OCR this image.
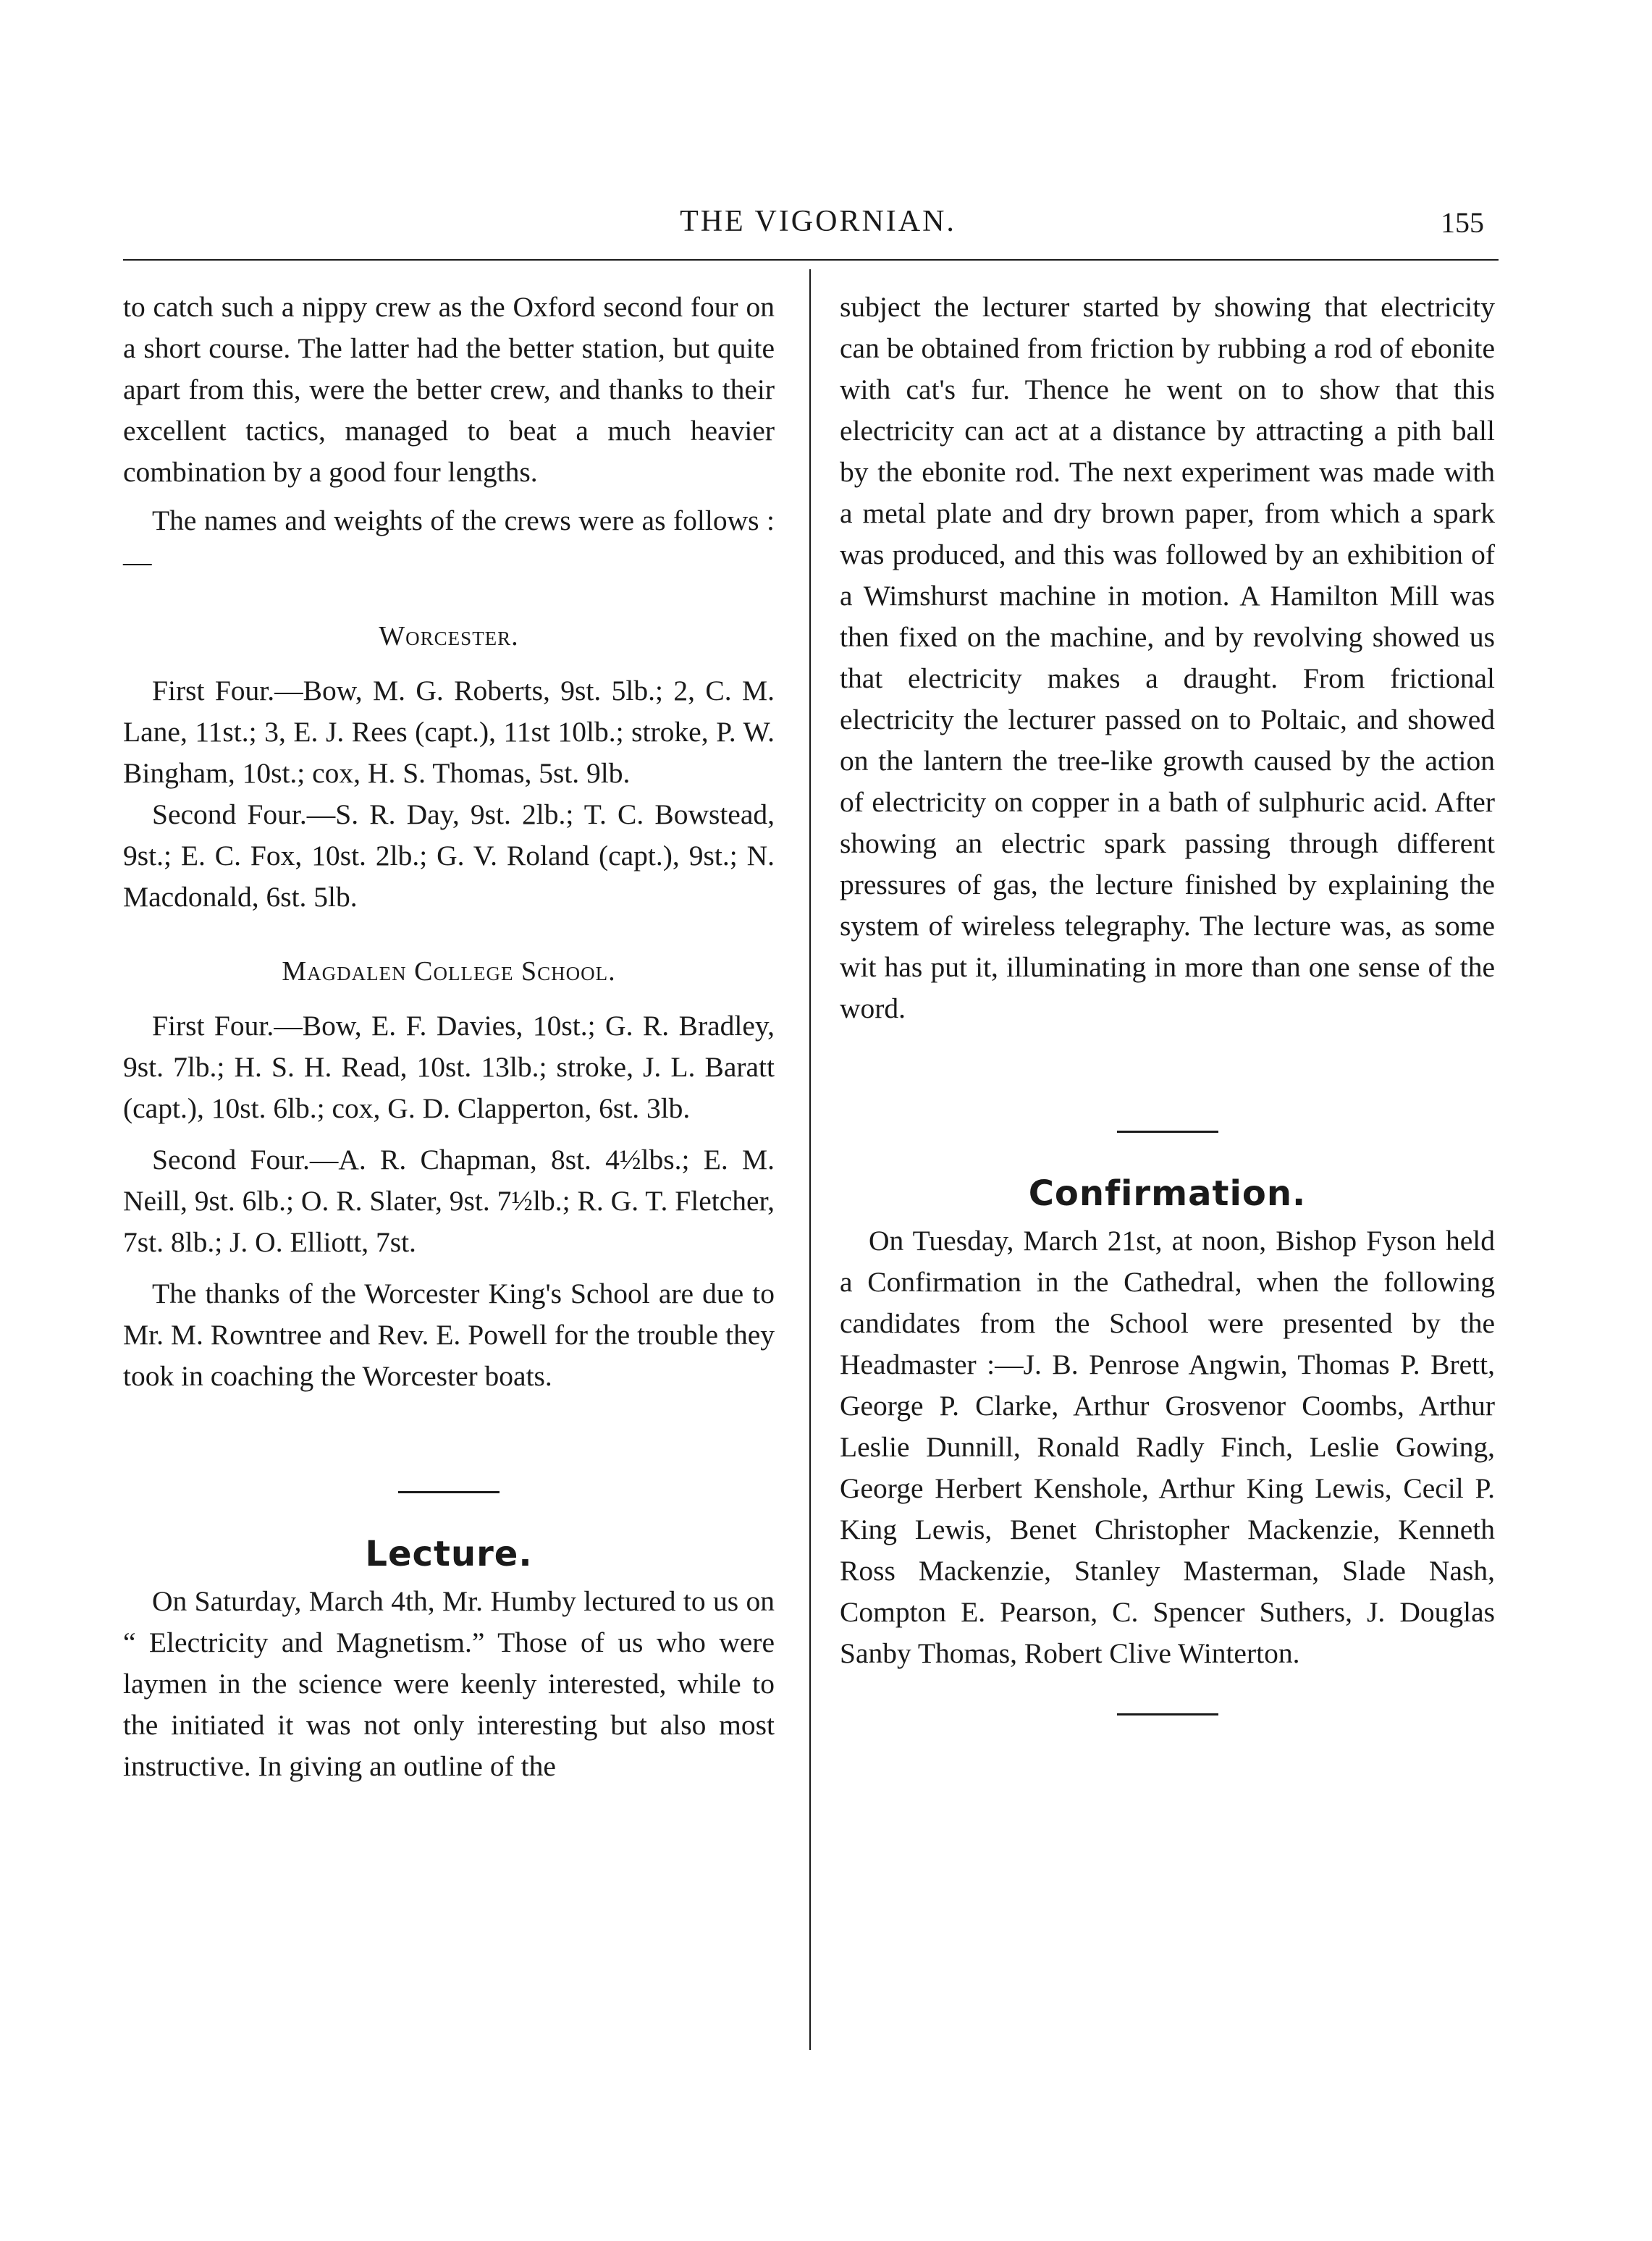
THE VIGORNIAN.	155

to catch such a nippy crew as the Oxford second four on a short course. The latter had the better station, but quite apart from this, were the better crew, and thanks to their excellent tactics, managed to beat a much heavier combination by a good four lengths.

The names and weights of the crews were as follows :—

Worcester.

First Four.—Bow, M. G. Roberts, 9st. 5lb.; 2, C. M. Lane, 11st.; 3, E. J. Rees (capt.), 11st 10lb.; stroke, P. W. Bingham, 10st.; cox, H. S. Thomas, 5st. 9lb.

Second Four.—S. R. Day, 9st. 2lb.; T. C. Bowstead, 9st.; E. C. Fox, 10st. 2lb.; G. V. Roland (capt.), 9st.; N. Macdonald, 6st. 5lb.

Magdalen College School.

First Four.—Bow, E. F. Davies, 10st.; G. R. Bradley, 9st. 7lb.; H. S. H. Read, 10st. 13lb.; stroke, J. L. Baratt (capt.), 10st. 6lb.; cox, G. D. Clapperton, 6st. 3lb.

Second Four.—A. R. Chapman, 8st. 4½lbs.; E. M. Neill, 9st. 6lb.; O. R. Slater, 9st. 7½lb.; R. G. T. Fletcher, 7st. 8lb.; J. O. Elliott, 7st.

The thanks of the Worcester King's School are due to Mr. M. Rowntree and Rev. E. Powell for the trouble they took in coaching the Worcester boats.

Lecture.

On Saturday, March 4th, Mr. Humby lectured to us on “ Electricity and Magnetism.” Those of us who were laymen in the science were keenly interested, while to the initiated it was not only interesting but also most instructive. In giving an outline of the

subject the lecturer started by showing that electricity can be obtained from friction by rubbing a rod of ebonite with cat's fur. Thence he went on to show that this electricity can act at a distance by attracting a pith ball by the ebonite rod. The next experiment was made with a metal plate and dry brown paper, from which a spark was produced, and this was followed by an exhibition of a Wimshurst machine in motion. A Hamilton Mill was then fixed on the machine, and by revolving showed us that electricity makes a draught. From frictional electricity the lecturer passed on to Poltaic, and showed on the lantern the tree-like growth caused by the action of electricity on copper in a bath of sulphuric acid. After showing an electric spark passing through different pressures of gas, the lecture finished by explaining the system of wireless telegraphy. The lecture was, as some wit has put it, illuminating in more than one sense of the word.

Confirmation.

On Tuesday, March 21st, at noon, Bishop Fyson held a Confirmation in the Cathedral, when the following candidates from the School were presented by the Headmaster :—J. B. Penrose Angwin, Thomas P. Brett, George P. Clarke, Arthur Grosvenor Coombs, Arthur Leslie Dunnill, Ronald Radly Finch, Leslie Gowing, George Herbert Kenshole, Arthur King Lewis, Cecil P. King Lewis, Benet Christopher Mackenzie, Kenneth Ross Mackenzie, Stanley Masterman, Slade Nash, Compton E. Pearson, C. Spencer Suthers, J. Douglas Sanby Thomas, Robert Clive Winterton.
